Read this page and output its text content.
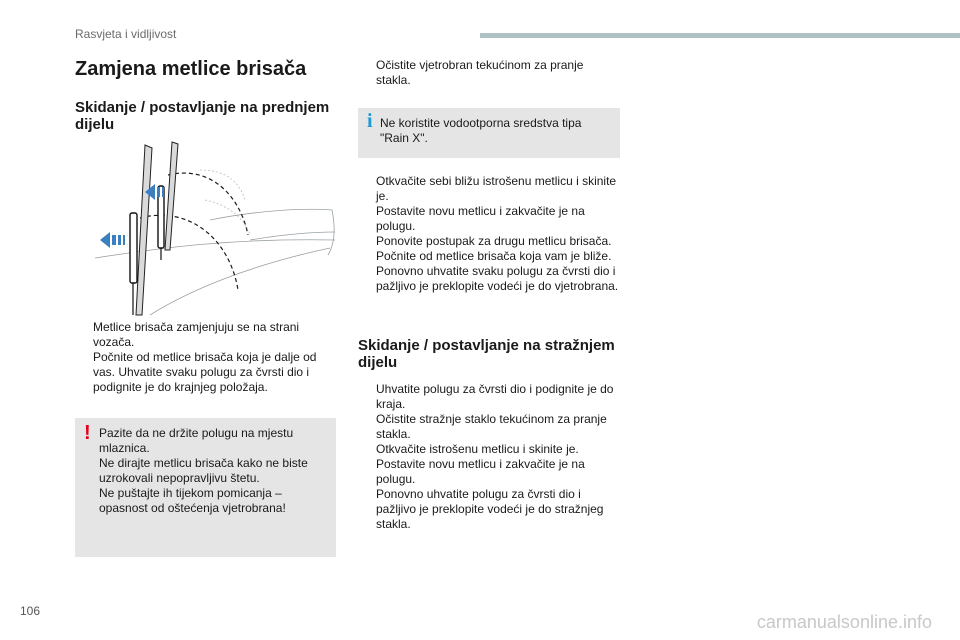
Rasvjeta i vidljivost
Zamjena metlice brisača
Skidanje / postavljanje na prednjem dijelu
Metlice brisača zamjenjuju se na strani vozača.
Počnite od metlice brisača koja je dalje od vas. Uhvatite svaku polugu za čvrsti dio i podignite je do krajnjeg položaja.
! Pazite da ne držite polugu na mjestu mlaznica.
Ne dirajte metlicu brisača kako ne biste uzrokovali nepopravljivu štetu.
Ne puštajte ih tijekom pomicanja – opasnost od oštećenja vjetrobrana!
Očistite vjetrobran tekućinom za pranje stakla.
i Ne koristite vodootporna sredstva tipa "Rain X".
Otkvačite sebi bližu istrošenu metlicu i skinite je.
Postavite novu metlicu i zakvačite je na polugu.
Ponovite postupak za drugu metlicu brisača.
Počnite od metlice brisača koja vam je bliže. Ponovno uhvatite svaku polugu za čvrsti dio i pažljivo je preklopite vodeći je do vjetrobrana.
Skidanje / postavljanje na stražnjem dijelu
Uhvatite polugu za čvrsti dio i podignite je do kraja.
Očistite stražnje staklo tekućinom za pranje stakla.
Otkvačite istrošenu metlicu i skinite je.
Postavite novu metlicu i zakvačite je na polugu.
Ponovno uhvatite polugu za čvrsti dio i pažljivo je preklopite vodeći je do stražnjeg stakla.
106
carmanualsonline.info
